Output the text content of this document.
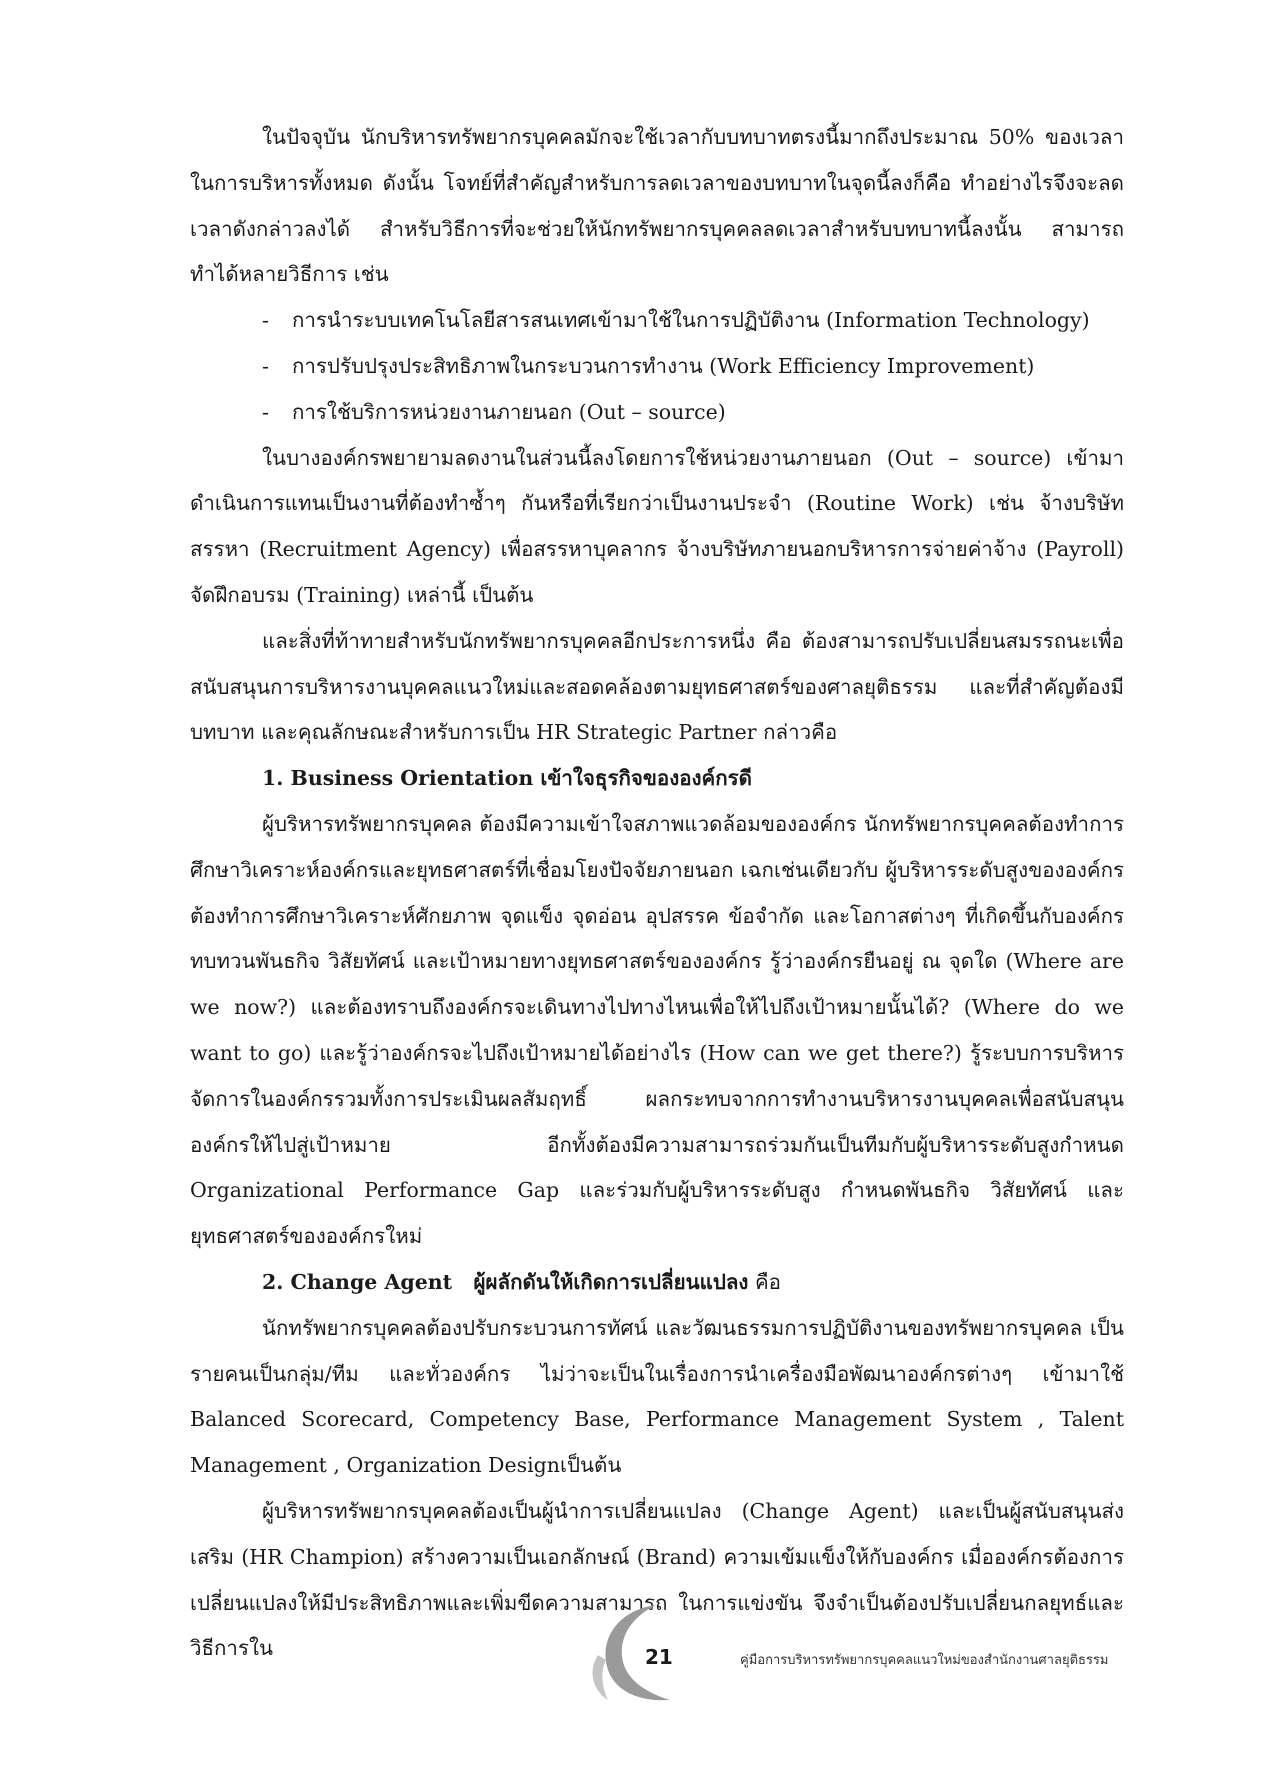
ในปัจจุบัน นักบริหารทรัพยากรบุคคลมักจะใช้เวลากับบทบาทตรงนี้มากถึงประมาณ 50% ของเวลาในการบริหารทั้งหมด ดังนั้น โจทย์ที่สำคัญสำหรับการลดเวลาของบทบาทในจุดนี้ลงก็คือ ทำอย่างไรจึงจะลดเวลาดังกล่าวลงได้ สำหรับวิธีการที่จะช่วยให้นักทรัพยากรบุคคลลดเวลาสำหรับบทบาทนี้ลงนั้น สามารถทำได้หลายวิธีการ เช่น

- การนำระบบเทคโนโลยีสารสนเทศเข้ามาใช้ในการปฏิบัติงาน (Information Technology)
- การปรับปรุงประสิทธิภาพในกระบวนการทำงาน (Work Efficiency Improvement)
- การใช้บริการหน่วยงานภายนอก (Out – source)

ในบางองค์กรพยายามลดงานในส่วนนี้ลงโดยการใช้หน่วยงานภายนอก (Out – source) เข้ามาดำเนินการแทนเป็นงานที่ต้องทำซ้ำๆ กันหรือที่เรียกว่าเป็นงานประจำ (Routine Work) เช่น จ้างบริษัทสรรหา (Recruitment Agency) เพื่อสรรหาบุคลากร จ้างบริษัทภายนอกบริหารการจ่ายค่าจ้าง (Payroll) จัดฝึกอบรม (Training) เหล่านี้ เป็นต้น

และสิ่งที่ท้าทายสำหรับนักทรัพยากรบุคคลอีกประการหนึ่ง คือ ต้องสามารถปรับเปลี่ยนสมรรถนะเพื่อสนับสนุนการบริหารงานบุคคลแนวใหม่และสอดคล้องตามยุทธศาสตร์ของศาลยุติธรรม และที่สำคัญต้องมีบทบาท และคุณลักษณะสำหรับการเป็น HR Strategic Partner กล่าวคือ

1. Business Orientation เข้าใจธุรกิจขององค์กรดี

ผู้บริหารทรัพยากรบุคคล ต้องมีความเข้าใจสภาพแวดล้อมขององค์กร นักทรัพยากรบุคคลต้องทำการศึกษาวิเคราะห์องค์กรและยุทธศาสตร์ที่เชื่อมโยงปัจจัยภายนอก เฉกเช่นเดียวกับ ผู้บริหารระดับสูงขององค์กรต้องทำการศึกษาวิเคราะห์ศักยภาพ จุดแข็ง จุดอ่อน อุปสรรค ข้อจำกัด และโอกาสต่างๆ ที่เกิดขึ้นกับองค์กร ทบทวนพันธกิจ วิสัยทัศน์ และเป้าหมายทางยุทธศาสตร์ขององค์กร รู้ว่าองค์กรยืนอยู่ ณ จุดใด (Where are we now?) และต้องทราบถึงองค์กรจะเดินทางไปทางไหนเพื่อให้ไปถึงเป้าหมายนั้นได้? (Where do we want to go) และรู้ว่าองค์กรจะไปถึงเป้าหมายได้อย่างไร (How can we get there?) รู้ระบบการบริหารจัดการในองค์กรรวมทั้งการประเมินผลสัมฤทธิ์ ผลกระทบจากการทำงานบริหารงานบุคคลเพื่อสนับสนุนองค์กรให้ไปสู่เป้าหมาย อีกทั้งต้องมีความสามารถร่วมกันเป็นทีมกับผู้บริหารระดับสูงกำหนด Organizational Performance Gap และร่วมกับผู้บริหารระดับสูง กำหนดพันธกิจ วิสัยทัศน์ และยุทธศาสตร์ขององค์กรใหม่

2. Change Agent   ผู้ผลักดันให้เกิดการเปลี่ยนแปลง คือ

นักทรัพยากรบุคคลต้องปรับกระบวนการทัศน์ และวัฒนธรรมการปฏิบัติงานของทรัพยากรบุคคล เป็นรายคนเป็นกลุ่ม/ทีม และทั่วองค์กร ไม่ว่าจะเป็นในเรื่องการนำเครื่องมือพัฒนาองค์กรต่างๆ เข้ามาใช้ Balanced Scorecard, Competency Base, Performance Management System , Talent Management , Organization Designเป็นต้น

ผู้บริหารทรัพยากรบุคคลต้องเป็นผู้นำการเปลี่ยนแปลง (Change Agent) และเป็นผู้สนับสนุนส่งเสริม (HR Champion) สร้างความเป็นเอกลักษณ์ (Brand) ความเข้มแข็งให้กับองค์กร เมื่อองค์กรต้องการเปลี่ยนแปลงให้มีประสิทธิภาพและเพิ่มขีดความสามารถ ในการแข่งขัน จึงจำเป็นต้องปรับเปลี่ยนกลยุทธ์และวิธีการใน	21	คู่มือการบริหารทรัพยากรบุคคลแนวใหม่ของสำนักงานศาลยุติธรรม
